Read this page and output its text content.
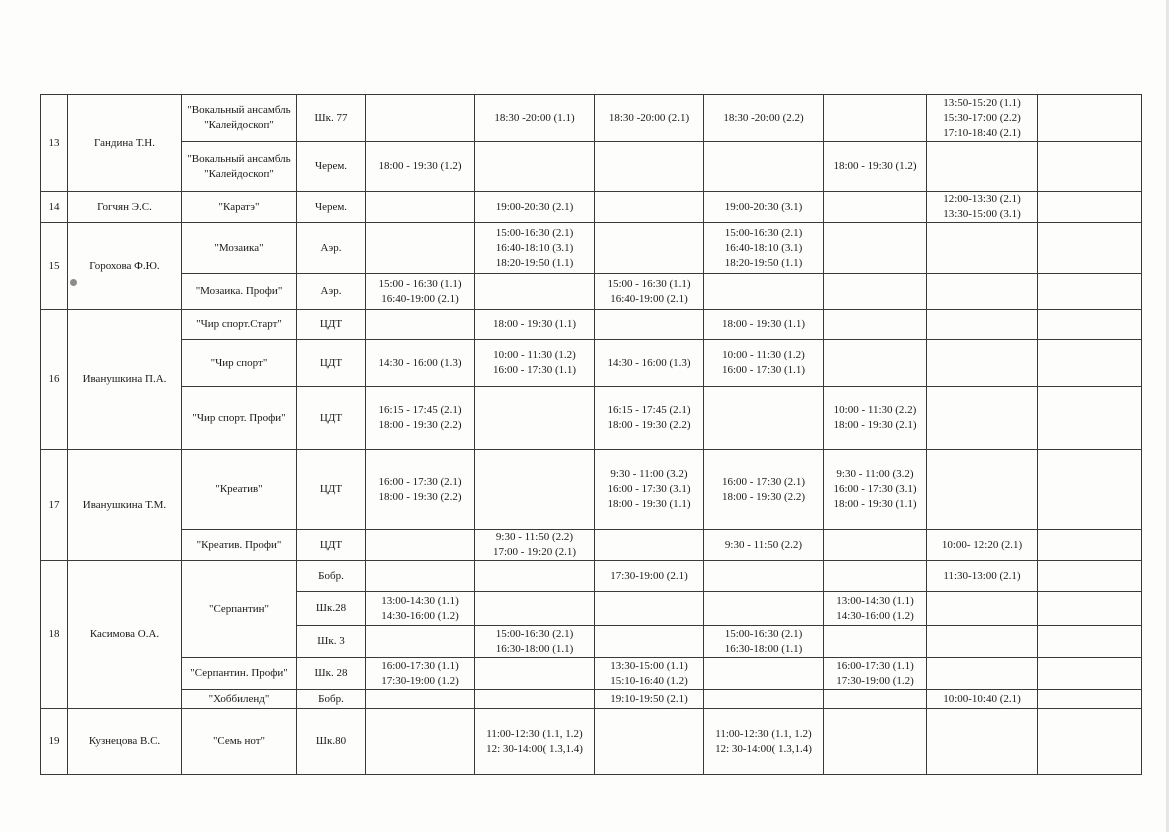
13	Гандина Т.Н.	"Вокальный ансамбль "Калейдоскоп"	Шк. 77		18:30 -20:00 (1.1)	18:30 -20:00 (2.1)	18:30 -20:00 (2.2)		13:50-15:20 (1.1)
15:30-17:00 (2.2)
17:10-18:40 (2.1)	
		"Вокальный ансамбль "Калейдоскоп"	Черем.	18:00 - 19:30 (1.2)				18:00 - 19:30 (1.2)		
14	Гогчян Э.С.	"Каратэ"	Черем.		19:00-20:30 (2.1)		19:00-20:30 (3.1)		12:00-13:30 (2.1)
13:30-15:00 (3.1)	
15	Горохова Ф.Ю.	"Мозаика"	Аэр.		15:00-16:30 (2.1)
16:40-18:10 (3.1)
18:20-19:50 (1.1)		15:00-16:30 (2.1)
16:40-18:10 (3.1)
18:20-19:50 (1.1)			
		"Мозаика. Профи"	Аэр.	15:00 - 16:30 (1.1)
16:40-19:00 (2.1)		15:00 - 16:30 (1.1)
16:40-19:00 (2.1)				
16	Иванушкина П.А.	"Чир спорт.Старт"	ЦДТ		18:00 - 19:30 (1.1)		18:00 - 19:30 (1.1)			
		"Чир спорт"	ЦДТ	14:30 - 16:00 (1.3)	10:00 - 11:30 (1.2)
16:00 - 17:30 (1.1)	14:30 - 16:00 (1.3)	10:00 - 11:30 (1.2)
16:00 - 17:30 (1.1)			
		"Чир спорт. Профи"	ЦДТ	16:15 - 17:45 (2.1)
18:00 - 19:30 (2.2)		16:15 - 17:45 (2.1)
18:00 - 19:30 (2.2)		10:00 - 11:30 (2.2)
18:00 - 19:30 (2.1)		
17	Иванушкина Т.М.	"Креатив"	ЦДТ	16:00 - 17:30 (2.1)
18:00 - 19:30 (2.2)		9:30 - 11:00 (3.2)
16:00 - 17:30 (3.1)
18:00 - 19:30 (1.1)	16:00 - 17:30 (2.1)
18:00 - 19:30 (2.2)	9:30 - 11:00 (3.2)
16:00 - 17:30 (3.1)
18:00 - 19:30 (1.1)		
		"Креатив. Профи"	ЦДТ		9:30 - 11:50 (2.2)
17:00 - 19:20 (2.1)		9:30 - 11:50 (2.2)		10:00- 12:20 (2.1)	
18	Касимова О.А.	"Серпантин"	Бобр.			17:30-19:00 (2.1)			11:30-13:00 (2.1)	
			Шк.28	13:00-14:30 (1.1)
14:30-16:00 (1.2)				13:00-14:30 (1.1)
14:30-16:00 (1.2)		
			Шк. 3		15:00-16:30 (2.1)
16:30-18:00 (1.1)		15:00-16:30 (2.1)
16:30-18:00 (1.1)			
		"Серпантин. Профи"	Шк. 28	16:00-17:30 (1.1)
17:30-19:00 (1.2)		13:30-15:00 (1.1)
15:10-16:40 (1.2)		16:00-17:30 (1.1)
17:30-19:00 (1.2)		
		"Хоббиленд"	Бобр.			19:10-19:50 (2.1)			10:00-10:40 (2.1)	
19	Кузнецова В.С.	"Семь нот"	Шк.80		11:00-12:30 (1.1, 1.2)
12: 30-14:00( 1.3,1.4)		11:00-12:30 (1.1, 1.2)
12: 30-14:00( 1.3,1.4)			
